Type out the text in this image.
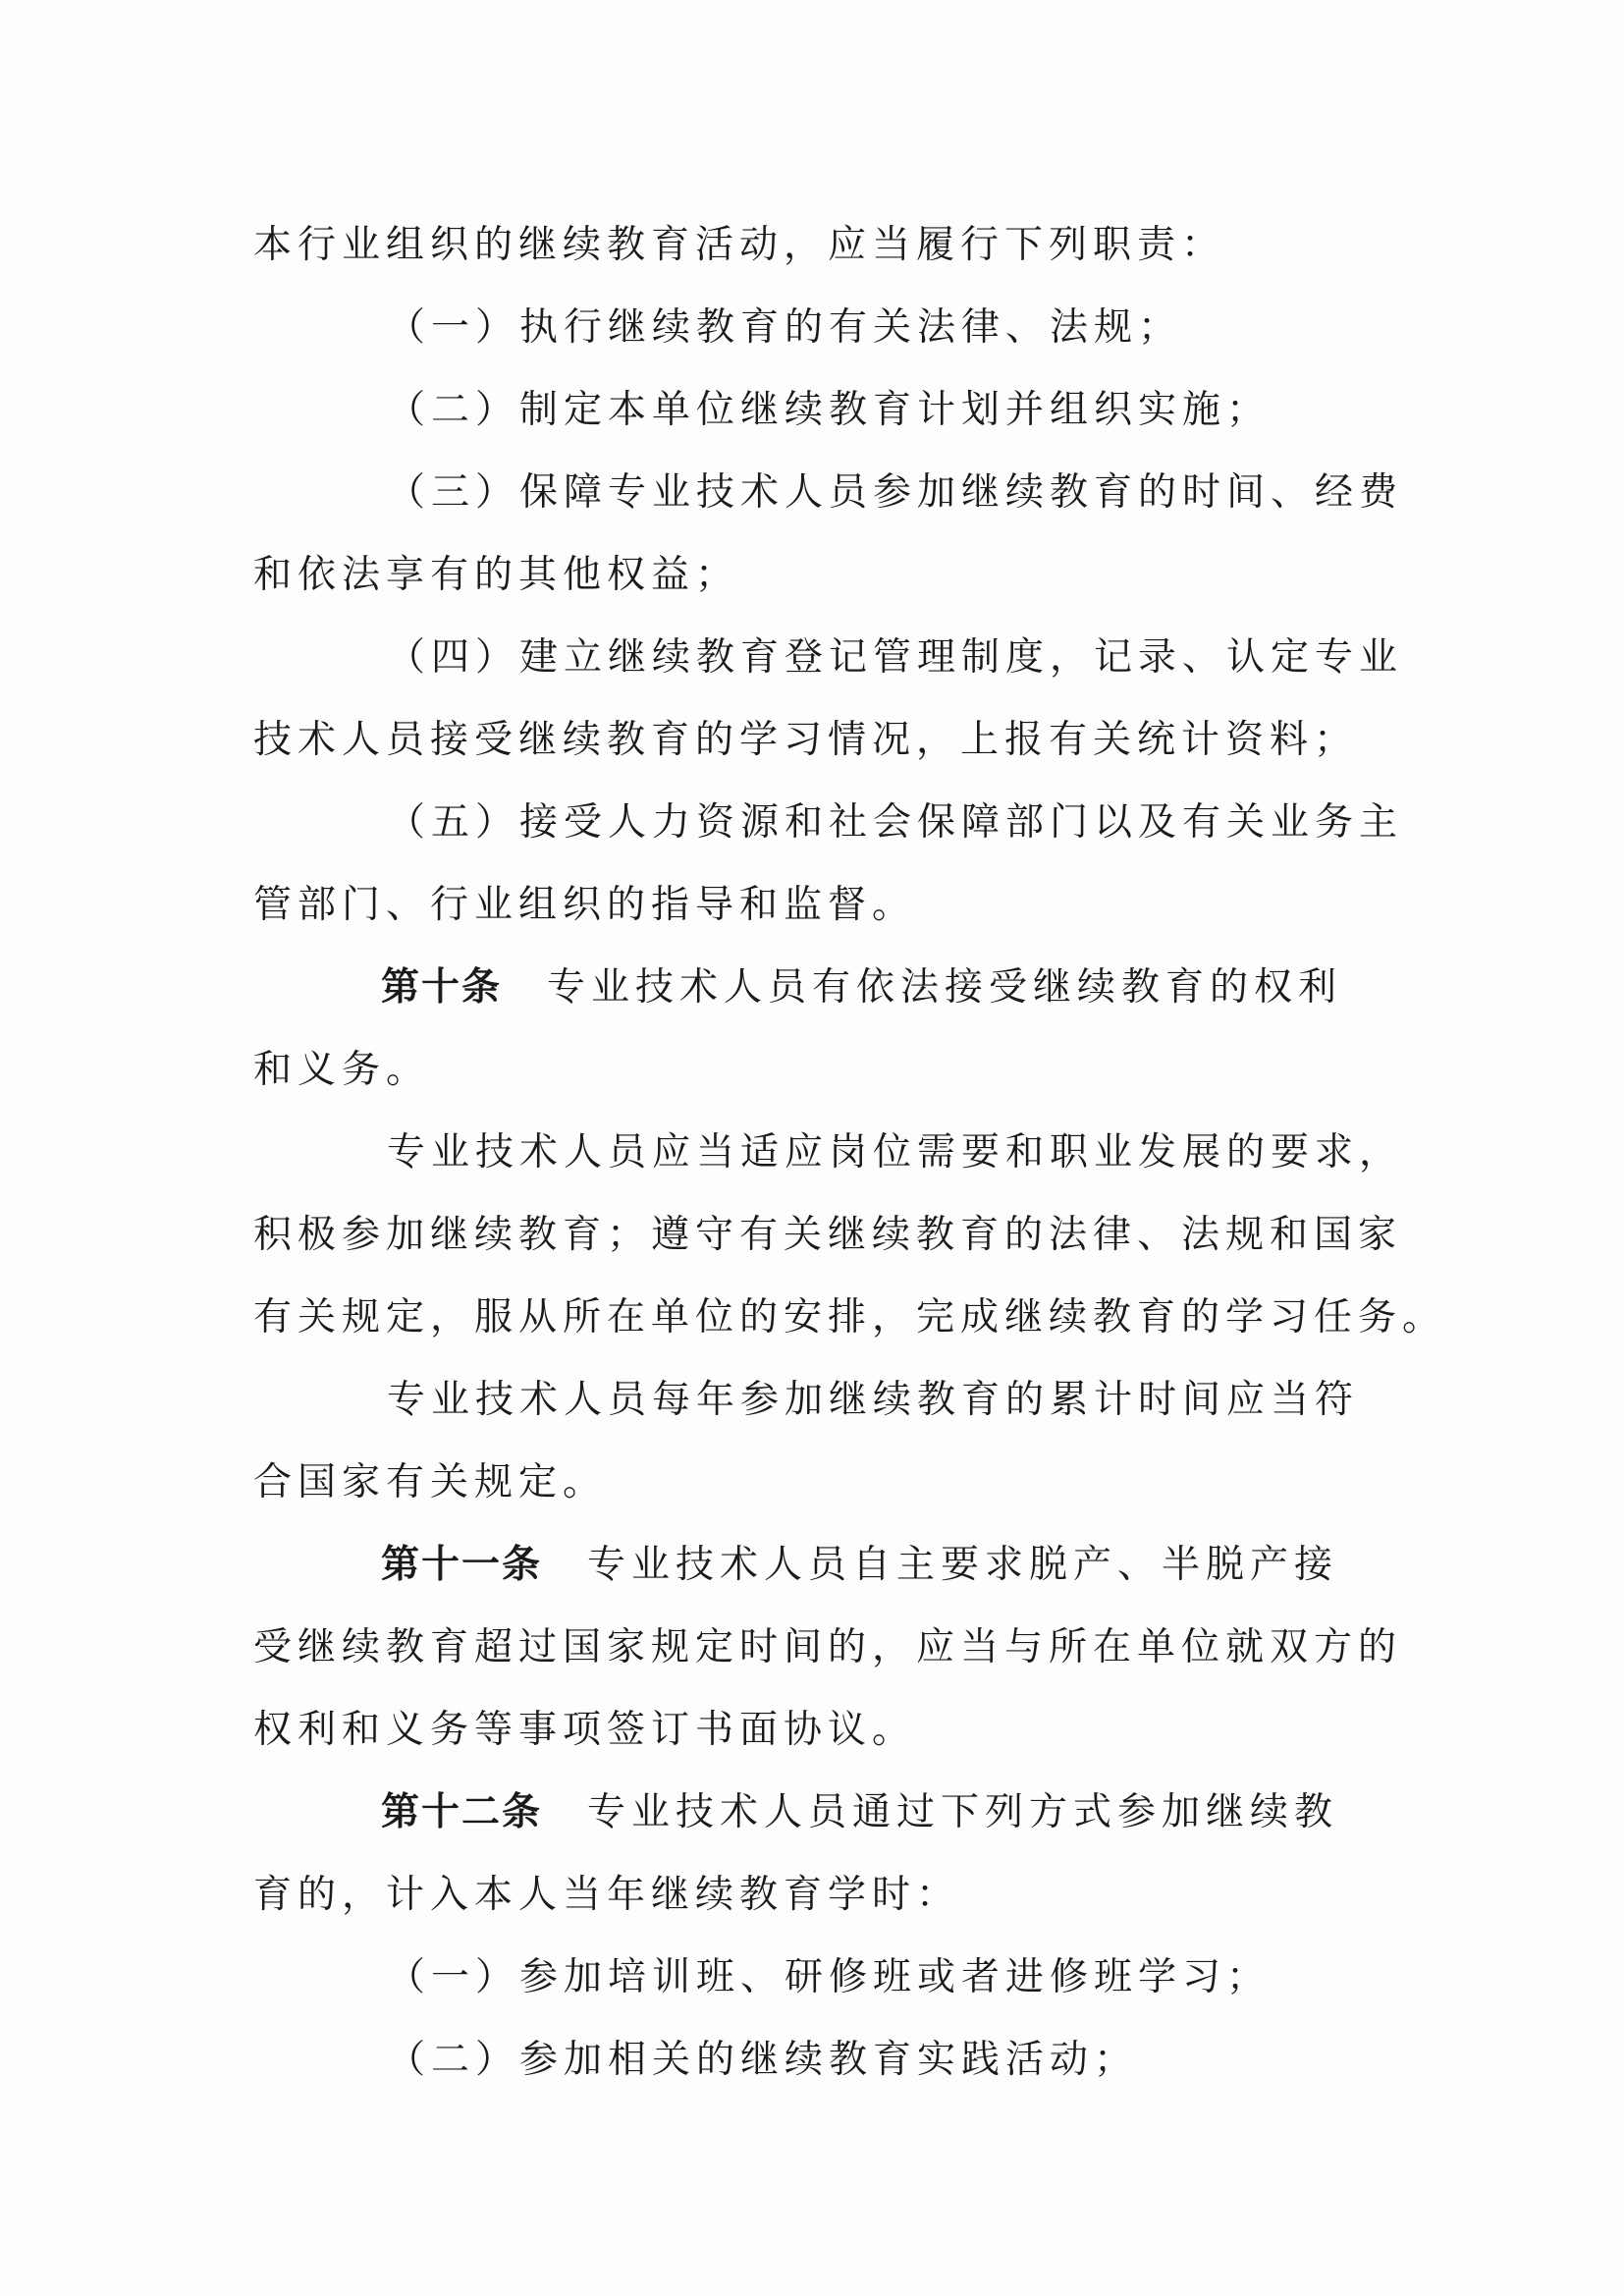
本行业组织的继续教育活动，应当履行下列职责：
（一）执行继续教育的有关法律、法规；
（二）制定本单位继续教育计划并组织实施；
（三）保障专业技术人员参加继续教育的时间、经费
和依法享有的其他权益；
（四）建立继续教育登记管理制度，记录、认定专业
技术人员接受继续教育的学习情况，上报有关统计资料；
（五）接受人力资源和社会保障部门以及有关业务主
管部门、行业组织的指导和监督。
第十条 专业技术人员有依法接受继续教育的权利
和义务。
专业技术人员应当适应岗位需要和职业发展的要求，
积极参加继续教育；遵守有关继续教育的法律、法规和国家
有关规定，服从所在单位的安排，完成继续教育的学习任务。
专业技术人员每年参加继续教育的累计时间应当符
合国家有关规定。
第十一条 专业技术人员自主要求脱产、半脱产接
受继续教育超过国家规定时间的，应当与所在单位就双方的
权利和义务等事项签订书面协议。
第十二条 专业技术人员通过下列方式参加继续教
育的，计入本人当年继续教育学时：
（一）参加培训班、研修班或者进修班学习；
（二）参加相关的继续教育实践活动；
